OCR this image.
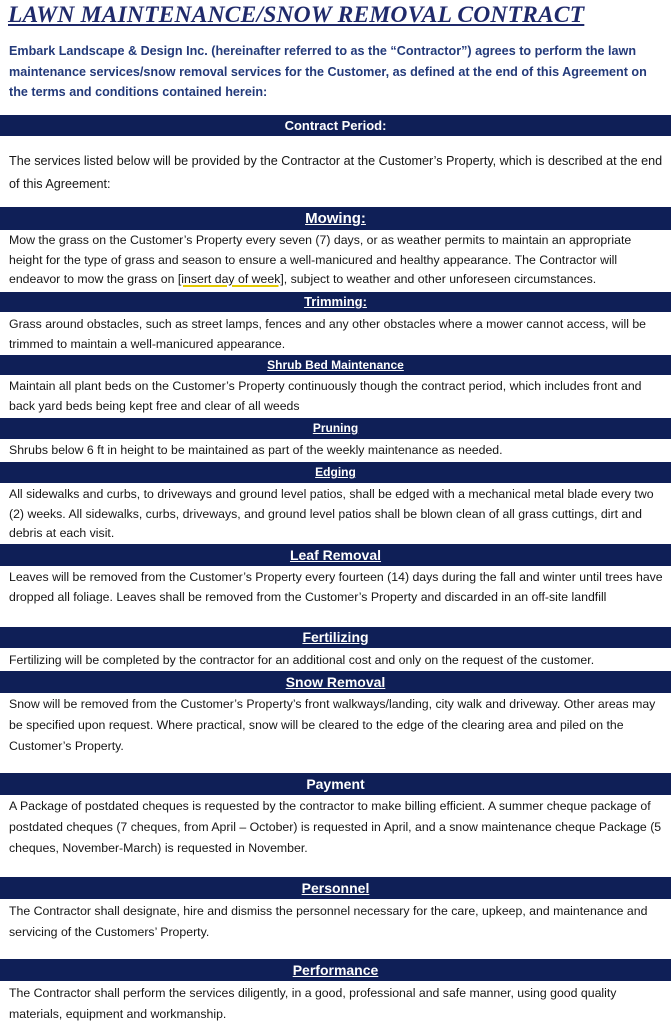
LAWN MAINTENANCE/SNOW REMOVAL CONTRACT
Embark Landscape & Design Inc. (hereinafter referred to as the “Contractor”) agrees to perform the lawn maintenance services/snow removal services for the Customer, as defined at the end of this Agreement on the terms and conditions contained herein:
Contract Period:
The services listed below will be provided by the Contractor at the Customer’s Property, which is described at the end of this Agreement:
Mowing:
Mow the grass on the Customer’s Property every seven (7) days, or as weather permits to maintain an appropriate height for the type of grass and season to ensure a well-manicured and healthy appearance. The Contractor will endeavor to mow the grass on [insert day of week], subject to weather and other unforeseen circumstances.
Trimming:
Grass around obstacles, such as street lamps, fences and any other obstacles where a mower cannot access, will be trimmed to maintain a well-manicured appearance.
Shrub Bed Maintenance
Maintain all plant beds on the Customer’s Property continuously though the contract period, which includes front and back yard beds being kept free and clear of all weeds
Pruning
Shrubs below 6 ft in height to be maintained as part of the weekly maintenance as needed.
Edging
All sidewalks and curbs, to driveways and ground level patios, shall be edged with a mechanical metal blade every two (2) weeks. All sidewalks, curbs, driveways, and ground level patios shall be blown clean of all grass cuttings, dirt and debris at each visit.
Leaf Removal
Leaves will be removed from the Customer’s Property every fourteen (14) days during the fall and winter until trees have dropped all foliage. Leaves shall be removed from the Customer’s Property and discarded in an off-site landfill
Fertilizing
Fertilizing will be completed by the contractor for an additional cost and only on the request of the customer.
Snow Removal
Snow will be removed from the Customer’s Property’s front walkways/landing, city walk and driveway. Other areas may be specified upon request. Where practical, snow will be cleared to the edge of the clearing area and piled on the Customer’s Property.
Payment
A Package of postdated cheques is requested by the contractor to make billing efficient. A summer cheque package of postdated cheques (7 cheques, from April – October) is requested in April, and a snow maintenance cheque Package (5 cheques, November-March) is requested in November.
Personnel
The Contractor shall designate, hire and dismiss the personnel necessary for the care, upkeep, and maintenance and servicing of the Customers’ Property.
Performance
The Contractor shall perform the services diligently, in a good, professional and safe manner, using good quality materials, equipment and workmanship.
